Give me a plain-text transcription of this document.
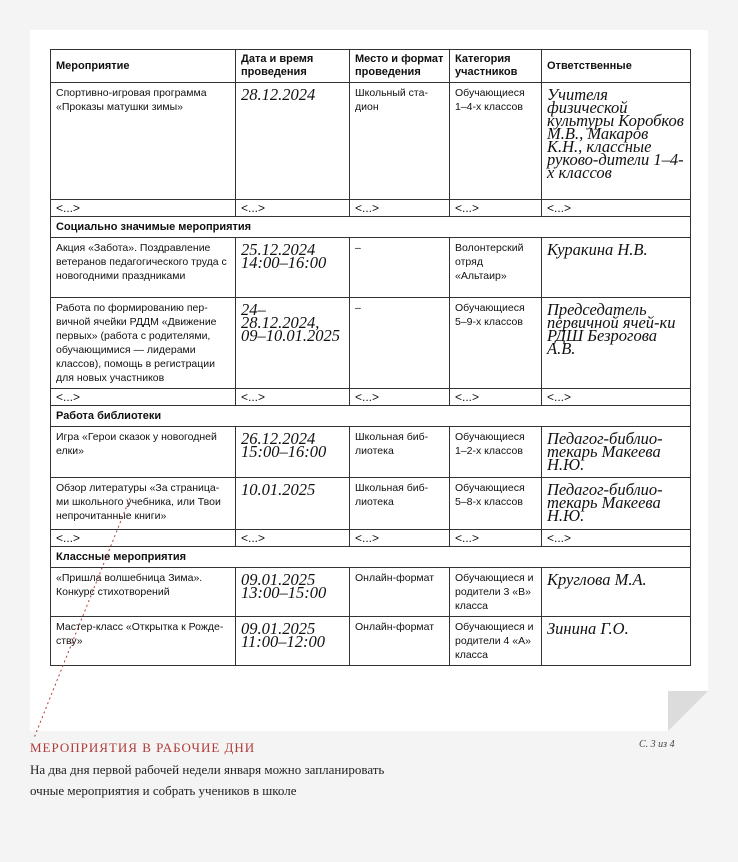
Мероприятие	Дата и время проведения	Место и формат проведения	Категория участников	Ответственные
Спортивно-игровая программа «Проказы матушки зимы»	28.12.2024	Школьный ста-дион	Обучающиеся 1–4-х классов	Учителя физической культуры Коробков М.В., Макаров К.Н., классные руково-дители 1–4-х классов
<...>	<...>	<...>	<...>	<...>
Социально значимые мероприятия				
Акция «Забота». Поздравление ветеранов педагогического труда с новогодними праздниками	25.12.2024 14:00–16:00	–	Волонтерский отряд «Альтаир»	Куракина Н.В.
Работа по формированию пер-вичной ячейки РДДМ «Движение первых» (работа с родителями, обучающимися — лидерами классов), помощь в регистрации для новых участников	24–28.12.2024, 09–10.01.2025	–	Обучающиеся 5–9-х классов	Председатель первичной ячей-ки РДШ Безрогова А.В.
<...>	<...>	<...>	<...>	<...>
Работа библиотеки				
Игра «Герои сказок у новогодней елки»	26.12.2024 15:00–16:00	Школьная биб-лиотека	Обучающиеся 1–2-х классов	Педагог-библио-текарь Макеева Н.Ю.
Обзор литературы «За страница-ми школьного учебника, или Твои непрочитанные книги»	10.01.2025	Школьная биб-лиотека	Обучающиеся 5–8-х классов	Педагог-библио-текарь Макеева Н.Ю.
<...>	<...>	<...>	<...>	<...>
Классные мероприятия				
«Пришла волшебница Зима». Конкурс стихотворений	09.01.2025 13:00–15:00	Онлайн-формат	Обучающиеся и родители 3 «В» класса	Круглова М.А.
Мастер-класс «Открытка к Рожде-ству»	09.01.2025 11:00–12:00	Онлайн-формат	Обучающиеся и родители 4 «А» класса	Зинина Г.О.
С. 3 из 4
МЕРОПРИЯТИЯ В РАБОЧИЕ ДНИ
На два дня первой рабочей недели января можно запланировать очные мероприятия и собрать учеников в школе
